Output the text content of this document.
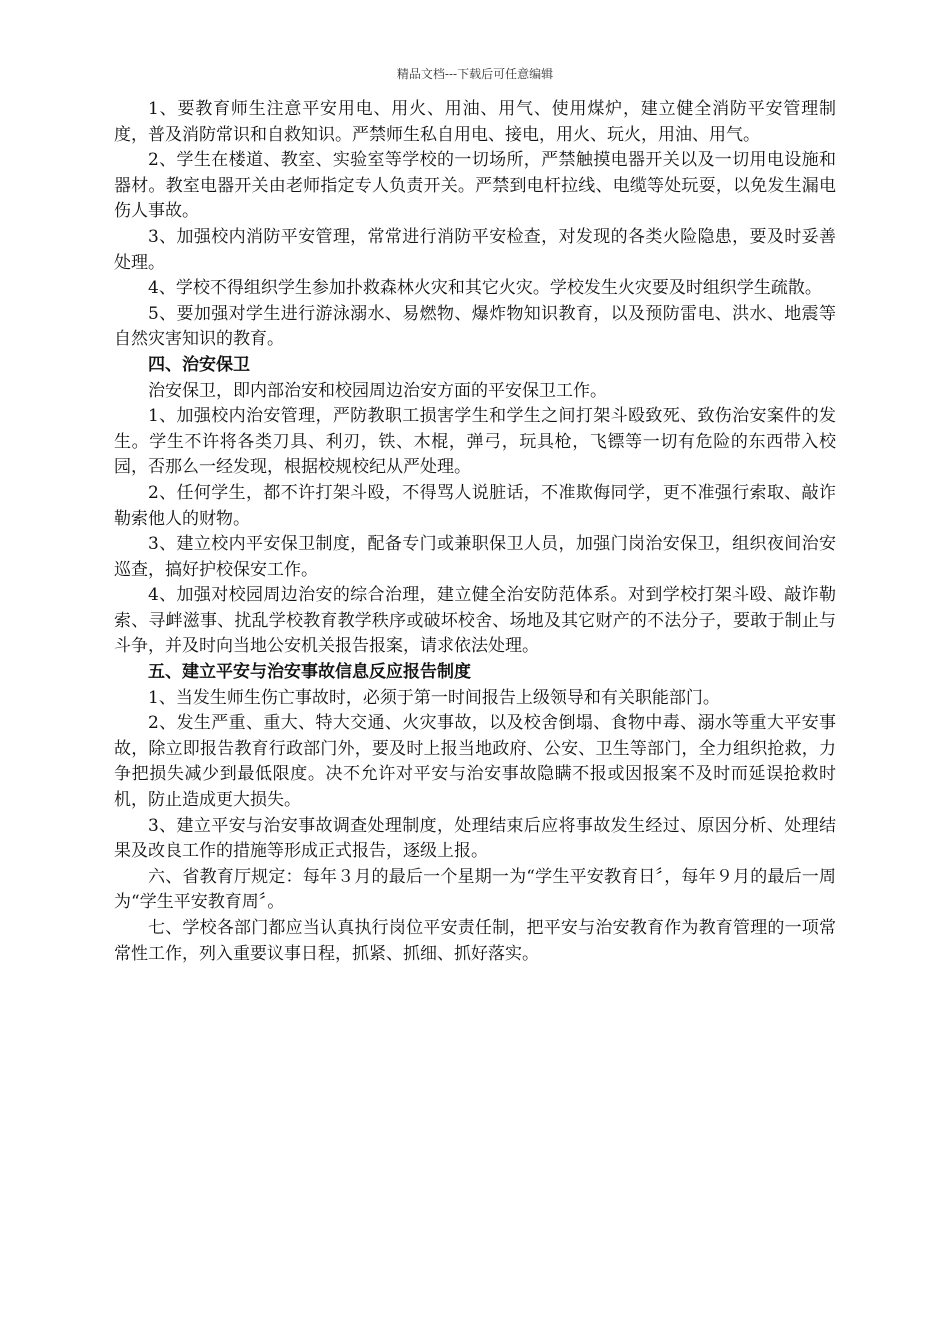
精品文档---下载后可任意编辑

1、要教育师生注意平安用电、用火、用油、用气、使用煤炉，建立健全消防平安管理制度，普及消防常识和自救知识。严禁师生私自用电、接电，用火、玩火，用油、用气。

2、学生在楼道、教室、实验室等学校的一切场所，严禁触摸电器开关以及一切用电设施和器材。教室电器开关由老师指定专人负责开关。严禁到电杆拉线、电缆等处玩耍，以免发生漏电伤人事故。

3、加强校内消防平安管理，常常进行消防平安检查，对发现的各类火险隐患，要及时妥善处理。

4、学校不得组织学生参加扑救森林火灾和其它火灾。学校发生火灾要及时组织学生疏散。

5、要加强对学生进行游泳溺水、易燃物、爆炸物知识教育，以及预防雷电、洪水、地震等自然灾害知识的教育。

四、治安保卫

治安保卫，即内部治安和校园周边治安方面的平安保卫工作。

1、加强校内治安管理，严防教职工损害学生和学生之间打架斗殴致死、致伤治安案件的发生。学生不许将各类刀具、利刃，铁、木棍，弹弓，玩具枪，飞镖等一切有危险的东西带入校园，否那么一经发现，根据校规校纪从严处理。

2、任何学生，都不许打架斗殴，不得骂人说脏话，不准欺侮同学，更不准强行索取、敲诈勒索他人的财物。

3、建立校内平安保卫制度，配备专门或兼职保卫人员，加强门岗治安保卫，组织夜间治安巡查，搞好护校保安工作。

4、加强对校园周边治安的综合治理，建立健全治安防范体系。对到学校打架斗殴、敲诈勒索、寻衅滋事、扰乱学校教育教学秩序或破坏校舍、场地及其它财产的不法分子，要敢于制止与斗争，并及时向当地公安机关报告报案，请求依法处理。

五、建立平安与治安事故信息反应报告制度

1、当发生师生伤亡事故时，必须于第一时间报告上级领导和有关职能部门。

2、发生严重、重大、特大交通、火灾事故，以及校舍倒塌、食物中毒、溺水等重大平安事故，除立即报告教育行政部门外，要及时上报当地政府、公安、卫生等部门，全力组织抢救，力争把损失减少到最低限度。决不允许对平安与治安事故隐瞒不报或因报案不及时而延误抢救时机，防止造成更大损失。

3、建立平安与治安事故调查处理制度，处理结束后应将事故发生经过、原因分析、处理结果及改良工作的措施等形成正式报告，逐级上报。

六、省教育厅规定：每年３月的最后一个星期一为“学生平安教育日〞，每年９月的最后一周为“学生平安教育周〞。

七、学校各部门都应当认真执行岗位平安责任制，把平安与治安教育作为教育管理的一项常常性工作，列入重要议事日程，抓紧、抓细、抓好落实。
